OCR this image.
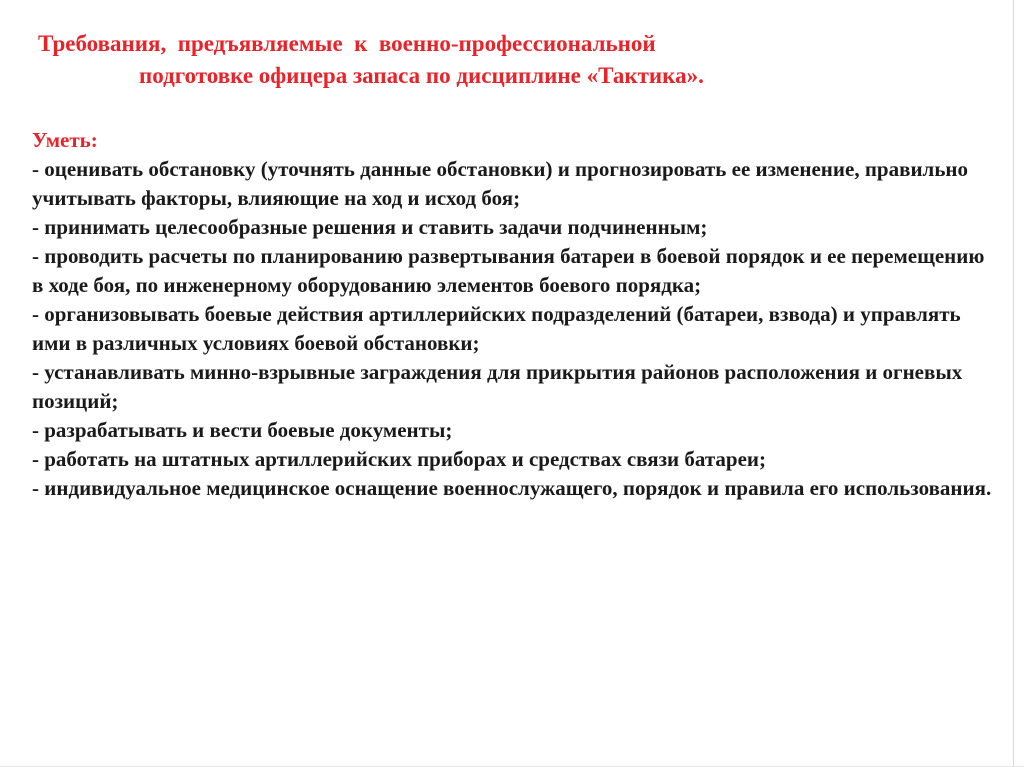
Требования,  предъявляемые  к  военно-профессиональной
подготовке офицера запаса по дисциплине «Тактика».
Уметь:
- оценивать обстановку (уточнять данные обстановки) и прогнозировать ее изменение, правильно учитывать факторы, влияющие на ход и исход боя;
- принимать целесообразные решения и ставить задачи подчиненным;
- проводить расчеты по планированию развертывания батареи в боевой порядок и ее перемещению в ходе боя, по инженерному оборудованию элементов боевого порядка;
- организовывать боевые действия артиллерийских подразделений (батареи, взвода) и управлять ими в различных условиях боевой обстановки;
- устанавливать минно-взрывные заграждения для прикрытия районов расположения и огневых позиций;
- разрабатывать и вести боевые документы;
- работать на штатных артиллерийских приборах и средствах связи батареи;
- индивидуальное медицинское оснащение военнослужащего, порядок и правила его использования.
